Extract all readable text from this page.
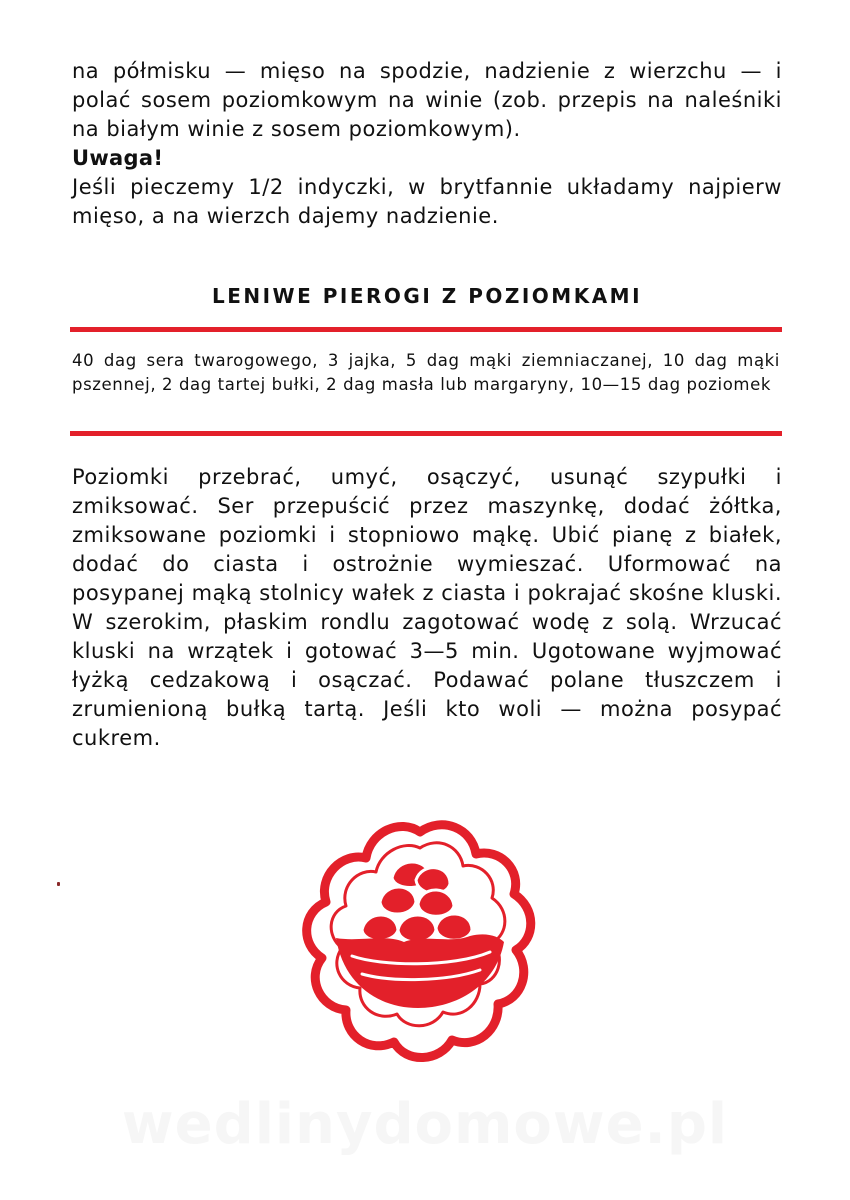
na półmisku — mięso na spodzie, nadzienie z wierzchu — i polać sosem poziomkowym na winie (zob. przepis na naleśniki na białym winie z sosem poziomkowym).

Uwaga!

Jeśli pieczemy 1/2 indyczki, w brytfannie układamy najpierw mięso, a na wierzch dajemy nadzienie.

LENIWE PIEROGI Z POZIOMKAMI

40 dag sera twarogowego, 3 jajka, 5 dag mąki ziemniaczanej, 10 dag mąki pszennej, 2 dag tartej bułki, 2 dag masła lub margaryny, 10—15 dag poziomek

Poziomki przebrać, umyć, osączyć, usunąć szypułki i zmiksować. Ser przepuścić przez maszynkę, dodać żółtka, zmiksowane poziomki i stopniowo mąkę. Ubić pianę z białek, dodać do ciasta i ostrożnie wymieszać. Uformować na posypanej mąką stolnicy wałek z ciasta i pokrajać skośne kluski. W szerokim, płaskim rondlu zagotować wodę z solą. Wrzucać kluski na wrzątek i gotować 3—5 min. Ugotowane wyjmować łyżką cedzakową i osączać. Podawać polane tłuszczem i zrumienioną bułką tartą. Jeśli kto woli — można posypać cukrem.

wedlinydomowe.pl
